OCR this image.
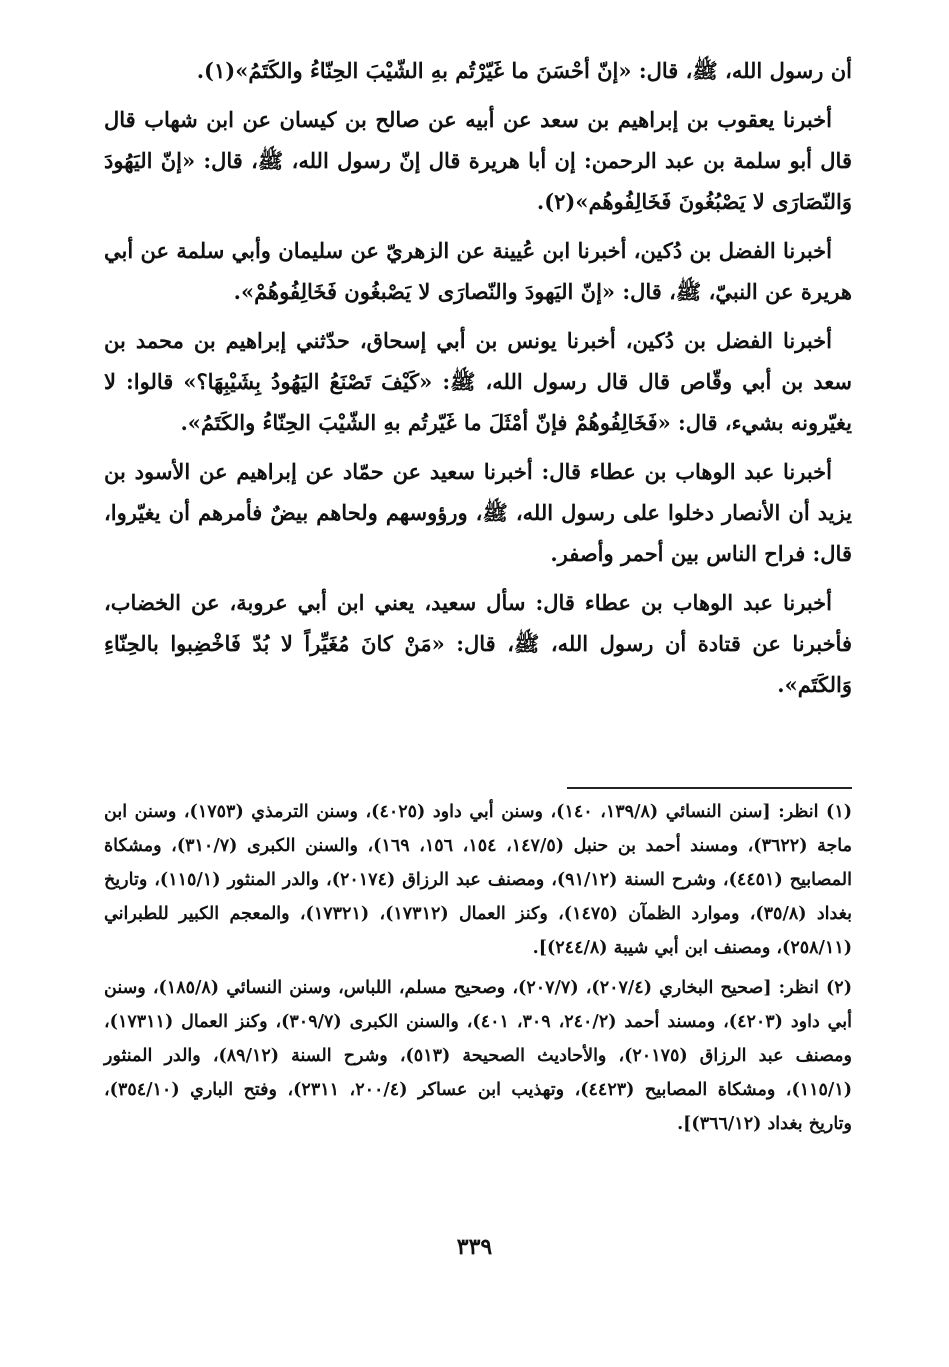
أن رسول الله، ﷺ، قال: «إنّ أحْسَنَ ما غَيّرْتُم بهِ الشّيْبَ الحِنّاءُ والكَتَمُ»(١).

أخبرنا يعقوب بن إبراهيم بن سعد عن أبيه عن صالح بن كيسان عن ابن شهاب قال قال أبو سلمة بن عبد الرحمن: إن أبا هريرة قال إنّ رسول الله، ﷺ، قال: «إنّ اليَهُودَ وَالنّصَارَى لا يَصْبُغُونَ فَخَالِفُوهُم»(٢).

أخبرنا الفضل بن دُكين، أخبرنا ابن عُيينة عن الزهريّ عن سليمان وأبي سلمة عن أبي هريرة عن النبيّ، ﷺ، قال: «إنّ اليَهودَ والنّصارَى لا يَصْبغُون فَخَالِفُوهُمْ».

أخبرنا الفضل بن دُكين، أخبرنا يونس بن أبي إسحاق، حدّثني إبراهيم بن محمد بن سعد بن أبي وقّاص قال قال رسول الله، ﷺ: «كَيْفَ تَصْنَعُ اليَهُودُ بِشَيْبِهَا؟» قالوا: لا يغيّرونه بشيء، قال: «فَخَالِفُوهُمْ فإنّ أمْثَلَ ما غَيّرتُم بهِ الشّيْبَ الحِنّاءُ والكَتَمُ».

أخبرنا عبد الوهاب بن عطاء قال: أخبرنا سعيد عن حمّاد عن إبراهيم عن الأسود بن يزيد أن الأنصار دخلوا على رسول الله، ﷺ، ورؤوسهم ولحاهم بيضٌ فأمرهم أن يغيّروا، قال: فراح الناس بين أحمر وأصفر.

أخبرنا عبد الوهاب بن عطاء قال: سأل سعيد، يعني ابن أبي عروبة، عن الخضاب، فأخبرنا عن قتادة أن رسول الله، ﷺ، قال: «مَنْ كانَ مُغَيِّراً لا بُدّ فَاخْضِبوا بالحِنّاءِ وَالكَتَم».

(١) انظر: [سنن النسائي (١٣٩/٨، ١٤٠)، وسنن أبي داود (٤٠٢٥)، وسنن الترمذي (١٧٥٣)، وسنن ابن ماجة (٣٦٢٢)، ومسند أحمد بن حنبل (١٤٧/٥، ١٥٤، ١٥٦، ١٦٩)، والسنن الكبرى (٣١٠/٧)، ومشكاة المصابيح (٤٤٥١)، وشرح السنة (٩١/١٢)، ومصنف عبد الرزاق (٢٠١٧٤)، والدر المنثور (١١٥/١)، وتاريخ بغداد (٣٥/٨)، وموارد الظمآن (١٤٧٥)، وكنز العمال (١٧٣١٢)، (١٧٣٢١)، والمعجم الكبير للطبراني (٢٥٨/١١)، ومصنف ابن أبي شيبة (٢٤٤/٨)].

(٢) انظر: [صحيح البخاري (٢٠٧/٤)، (٢٠٧/٧)، وصحيح مسلم، اللباس، وسنن النسائي (١٨٥/٨)، وسنن أبي داود (٤٢٠٣)، ومسند أحمد (٢٤٠/٢، ٣٠٩، ٤٠١)، والسنن الكبرى (٣٠٩/٧)، وكنز العمال (١٧٣١١)، ومصنف عبد الرزاق (٢٠١٧٥)، والأحاديث الصحيحة (٥١٣)، وشرح السنة (٨٩/١٢)، والدر المنثور (١١٥/١)، ومشكاة المصابيح (٤٤٢٣)، وتهذيب ابن عساكر (٢٠٠/٤، ٢٣١١)، وفتح الباري (٣٥٤/١٠)، وتاريخ بغداد (٣٦٦/١٢)].

٣٣٩
